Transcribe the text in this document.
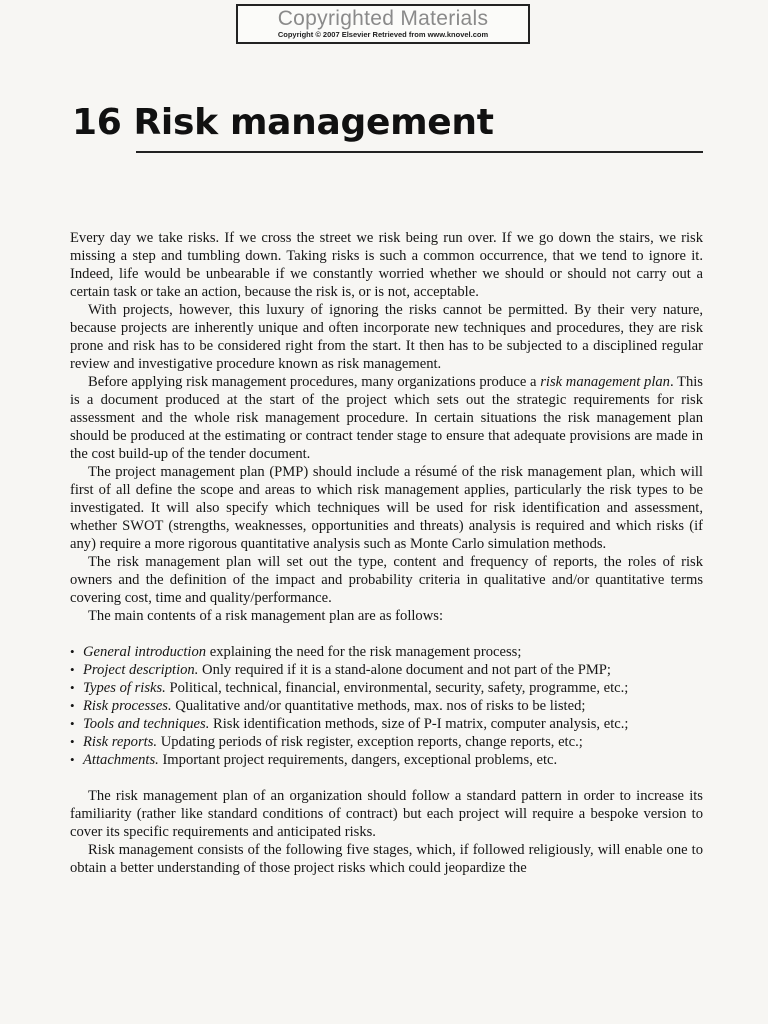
Copyrighted Materials
Copyright © 2007 Elsevier Retrieved from www.knovel.com
16 Risk management

Every day we take risks. If we cross the street we risk being run over. If we go down the stairs, we risk missing a step and tumbling down. Taking risks is such a common occurrence, that we tend to ignore it. Indeed, life would be unbearable if we constantly worried whether we should or should not carry out a certain task or take an action, because the risk is, or is not, acceptable.

With projects, however, this luxury of ignoring the risks cannot be permitted. By their very nature, because projects are inherently unique and often incorporate new techniques and procedures, they are risk prone and risk has to be considered right from the start. It then has to be subjected to a disciplined regular review and investigative procedure known as risk management.

Before applying risk management procedures, many organizations produce a risk management plan. This is a document produced at the start of the project which sets out the strategic requirements for risk assessment and the whole risk management procedure. In certain situations the risk management plan should be produced at the estimating or contract tender stage to ensure that adequate provisions are made in the cost build-up of the tender document.

The project management plan (PMP) should include a résumé of the risk management plan, which will first of all define the scope and areas to which risk management applies, particularly the risk types to be investigated. It will also specify which techniques will be used for risk identification and assessment, whether SWOT (strengths, weaknesses, opportunities and threats) analysis is required and which risks (if any) require a more rigorous quantitative analysis such as Monte Carlo simulation methods.

The risk management plan will set out the type, content and frequency of reports, the roles of risk owners and the definition of the impact and probability criteria in qualitative and/or quantitative terms covering cost, time and quality/performance.

The main contents of a risk management plan are as follows:

• General introduction explaining the need for the risk management process;
• Project description. Only required if it is a stand-alone document and not part of the PMP;
• Types of risks. Political, technical, financial, environmental, security, safety, programme, etc.;
• Risk processes. Qualitative and/or quantitative methods, max. nos of risks to be listed;
• Tools and techniques. Risk identification methods, size of P-I matrix, computer analysis, etc.;
• Risk reports. Updating periods of risk register, exception reports, change reports, etc.;
• Attachments. Important project requirements, dangers, exceptional problems, etc.

The risk management plan of an organization should follow a standard pattern in order to increase its familiarity (rather like standard conditions of contract) but each project will require a bespoke version to cover its specific requirements and anticipated risks.

Risk management consists of the following five stages, which, if followed religiously, will enable one to obtain a better understanding of those project risks which could jeopardize the
